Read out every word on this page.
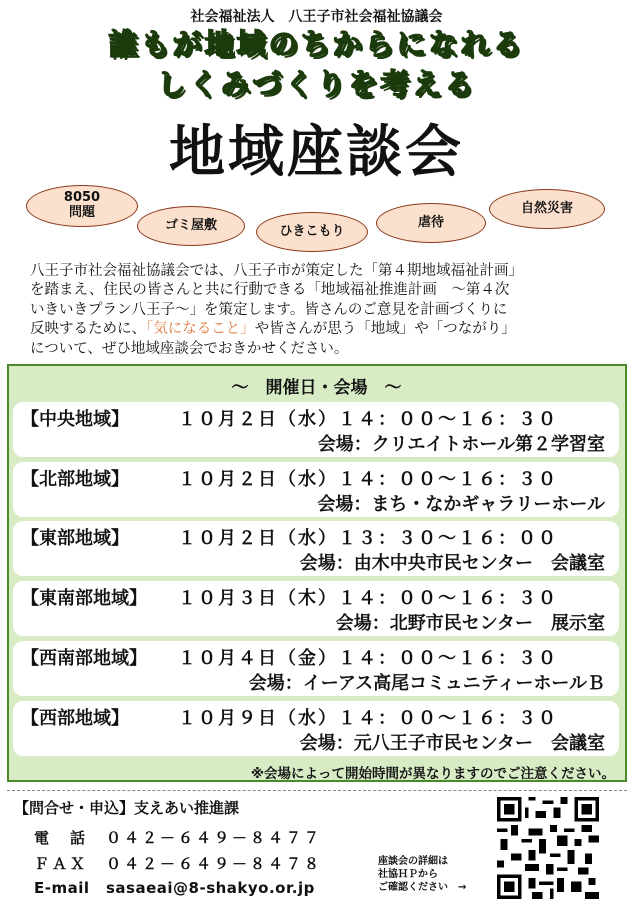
社会福祉法人　八王子市社会福祉協議会
誰もが地域のちからになれる
しくみづくりを考える
地域座談会
8050
問題
ゴミ屋敷	ひきこもり
虐待
自然災害

八王子市社会福祉協議会では、八王子市が策定した「第４期地域福祉計画」

を踏まえ、住民の皆さんと共に行動できる「地域福祉推進計画　～第４次

いきいきプラン八王子～」を策定します。皆さんのご意見を計画づくりに

反映するために、「気になること」や皆さんが思う「地域」や「つながり」

について、ぜひ地域座談会でおきかせください。

～　開催日・会場　～
【中央地域】	１０月２日（水）１４：００～１６：３０
会場：クリエイトホール第２学習室
【北部地域】	１０月２日（水）１４：００～１６：３０
会場：まち・なかギャラリーホール
【東部地域】	１０月２日（水）１３：３０～１６：００
会場：由木中央市民センター　会議室
【東南部地域】 １０月３日（木）１４：００～１６：３０
会場：北野市民センター　展示室
【西南部地域】 １０月４日（金）１４：００～１６：３０
会場：イーアス高尾コミュニティーホールＢ
【西部地域】	１０月９日（水）１４：００～１６：３０
会場：元八王子市民センター　会議室
※会場によって開始時間が異なりますのでご注意ください。
【問合せ・申込】支えあい推進課
電　話 ０４２－６４９－８４７７
ＦＡＸ ０４２－６４９－８４７８
E-mail sasaeai@8-shakyo.or.jp
座談会の詳細は
社協ＨＰから
ご確認ください　→
